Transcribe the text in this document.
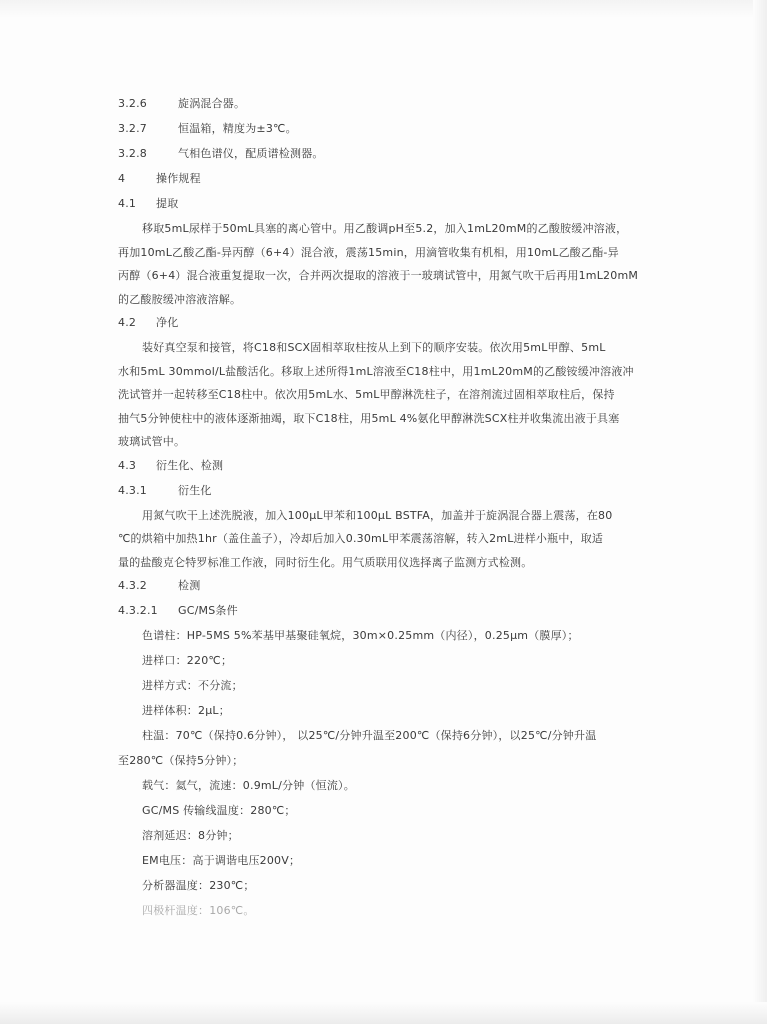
3.2.6	旋涡混合器。
3.2.7	恒温箱，精度为±3℃。
3.2.8	气相色谱仪，配质谱检测器。
4	操作规程
4.1 提取
移取5mL尿样于50mL具塞的离心管中。用乙酸调pH至5.2，加入1mL20mM的乙酸胺缓冲溶液，
再加10mL乙酸乙酯-异丙醇（6+4）混合液，震荡15min，用滴管收集有机相，用10mL乙酸乙酯-异
丙醇（6+4）混合液重复提取一次，合并两次提取的溶液于一玻璃试管中，用氮气吹干后再用1mL20mM
的乙酸胺缓冲溶液溶解。
4.2 净化
装好真空泵和接管，将C18和SCX固相萃取柱按从上到下的顺序安装。依次用5mL甲醇、5mL
水和5mL 30mmol/L盐酸活化。移取上述所得1mL溶液至C18柱中，用1mL20mM的乙酸铵缓冲溶液冲
洗试管并一起转移至C18柱中。依次用5mL水、5mL甲醇淋洗柱子，在溶剂流过固相萃取柱后，保持
抽气5分钟使柱中的液体逐渐抽竭，取下C18柱，用5mL 4%氨化甲醇淋洗SCX柱并收集流出液于具塞
玻璃试管中。
4.3 衍生化、检测
4.3.1	衍生化
用氮气吹干上述洗脱液，加入100μL甲苯和100μL BSTFA，加盖并于旋涡混合器上震荡，在80
℃的烘箱中加热1hr（盖住盖子），冷却后加入0.30mL甲苯震荡溶解，转入2mL进样小瓶中，取适
量的盐酸克仑特罗标准工作液，同时衍生化。用气质联用仪选择离子监测方式检测。
4.3.2	检测
4.3.2.1 GC/MS条件
色谱柱：HP-5MS 5%苯基甲基聚硅氧烷，30m×0.25mm（内径），0.25μm（膜厚）；
进样口：220℃；
进样方式：不分流；
进样体积：2μL；
柱温：70℃（保持0.6分钟）， 以25℃/分钟升温至200℃（保持6分钟），以25℃/分钟升温
至280℃（保持5分钟）；
载气：氦气，流速：0.9mL/分钟（恒流）。
GC/MS 传输线温度：280℃；
溶剂延迟：8分钟；
EM电压：高于调谐电压200V；
分析器温度：230℃；
四极杆温度：106℃。
